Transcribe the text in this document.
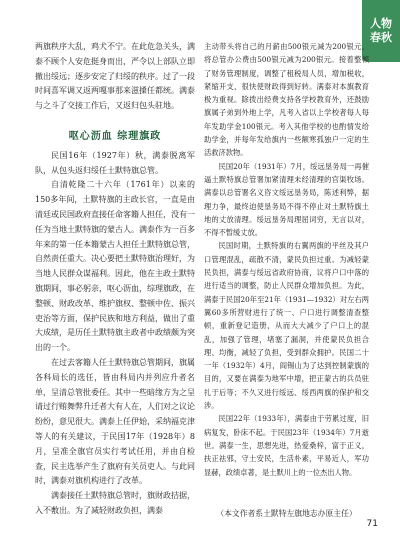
人物
春秋

两旗秩序大乱，鸡犬不宁。在此危急关头，满泰不顾个人安危挺身而出，严令以上部队立即撤出绥远；逐步安定了归绥的秩序。过了一段时间喜军调又返两嘎事那来滋搡任都统。满泰与之斗了交接工作后，又返归包头驻地。

呕心沥血 综理旗政

民国16年（1927年）秋，满泰脱离军队，从包头返归绥任土默特旗总管。

自清乾隆二十六年（1761年）以来的150多年间，土默特旗的主政长官，一直是由清廷或民国政府直接任命客籍人担任，没有一任为当地土默特旗的蒙古人。满泰作为一百多年来的第一任本籍蒙古人担任土默特旗总管，自然责任重大。决心要把土默特旗治理好，为当地人民群众谋福利。因此，他在主政土默特旗期间，事必躬亲，呕心沥血，综理旗政，在整顿、财政改革、维护旗权、整顿中佐、振兴吏治等方面，保护民族和地方利益，做出了重大成绩，是历任土默特旗主政者中政绩颇为突出的一个。

在过去客籍人任土默特旗总管期间，旗属各科局长的选任，皆由科局内并列应升者名单，呈清总管批委任。其中一些暗缘方为之呈请过行贿舞弊升迁者大有人在，人们对之议论纷纷，意见很大。满泰上任伊始，采纳福克津等人的有关建议，于民国17年（1928年）8月，呈准全旗官员实行考试任用，并由自检查，民主选举产生了旗府有关员吏人。与此同时，满泰对旗机构进行了改革。

满泰接任土默特旗总管时，旗财政拮据，入不敷出。为了减轻财政负担，满泰

主动带头将自己的月薪由500银元减为200银元，将总管办公费由500银元减为200银元。接着整顿了财务管理制度，调整了租税局人员，增加税收，紧缩开支，很快使财政得到好转。满泰对本旗教育极为重视。除拨出经费支持各学校教育外，还鼓励旗属子弟到外地上学，凡考入省以上学校者每人每年发助学金100银元。考入其他学校的也酌情发给助学金，并每年发给旗内一些额寒孤独户一定的生活救济款物。

民国20年（1931年）7月，绥远垦务局一再催逼土默特旗总管署加紧清理未经清理的官渠牧场。满泰以总管署名义咨文绥远垦务局，陈述利弊，据理力争，最终迫使垦务局不得不停止对土默特旗土地的丈放清理。绥远垦务局理屈词穷，无言以对，不得不暂缓丈放。

民国时期，土默特旗的右翼两旗的平丝及其户口管理混乱，疏散不清，蒙民负担过重。为减轻蒙民负担，满泰与绥远省政府协商，议将户口中落的进行适当的调整，防止人民群众增加负担。为此，满泰于民国20年至21年（1931—1932）对左右两翼60多所营财进行了统一、户口进行调整清查整顿，重新登记造册，从而大大减少了户口上的混乱，加强了管理，堵塞了漏洞，并使蒙民负担合理、均衡，减轻了负担，受到群众拥护。民国二十一年（1932年）4月，阎锡山为了达到控制蒙旗的目的，又要在满泰为地军中增，把正蒙古的兵员驻扎于后等；不久又进行绥远、绥西两旗的保护和交涉。

民国22年（1933年），满泰由于劳累过度，旧病复发，卧床不起。于民国23年（1934年）7月逝世。满泰一生，思想先进，热爱桑梓，富于正义，扶正祛邪，守土安民，生活朴素，平易近人，军功显赫，政绩卓著，是土默川上的一位杰出人物。

（本文作者系土默特左旗地志办原主任）
71
